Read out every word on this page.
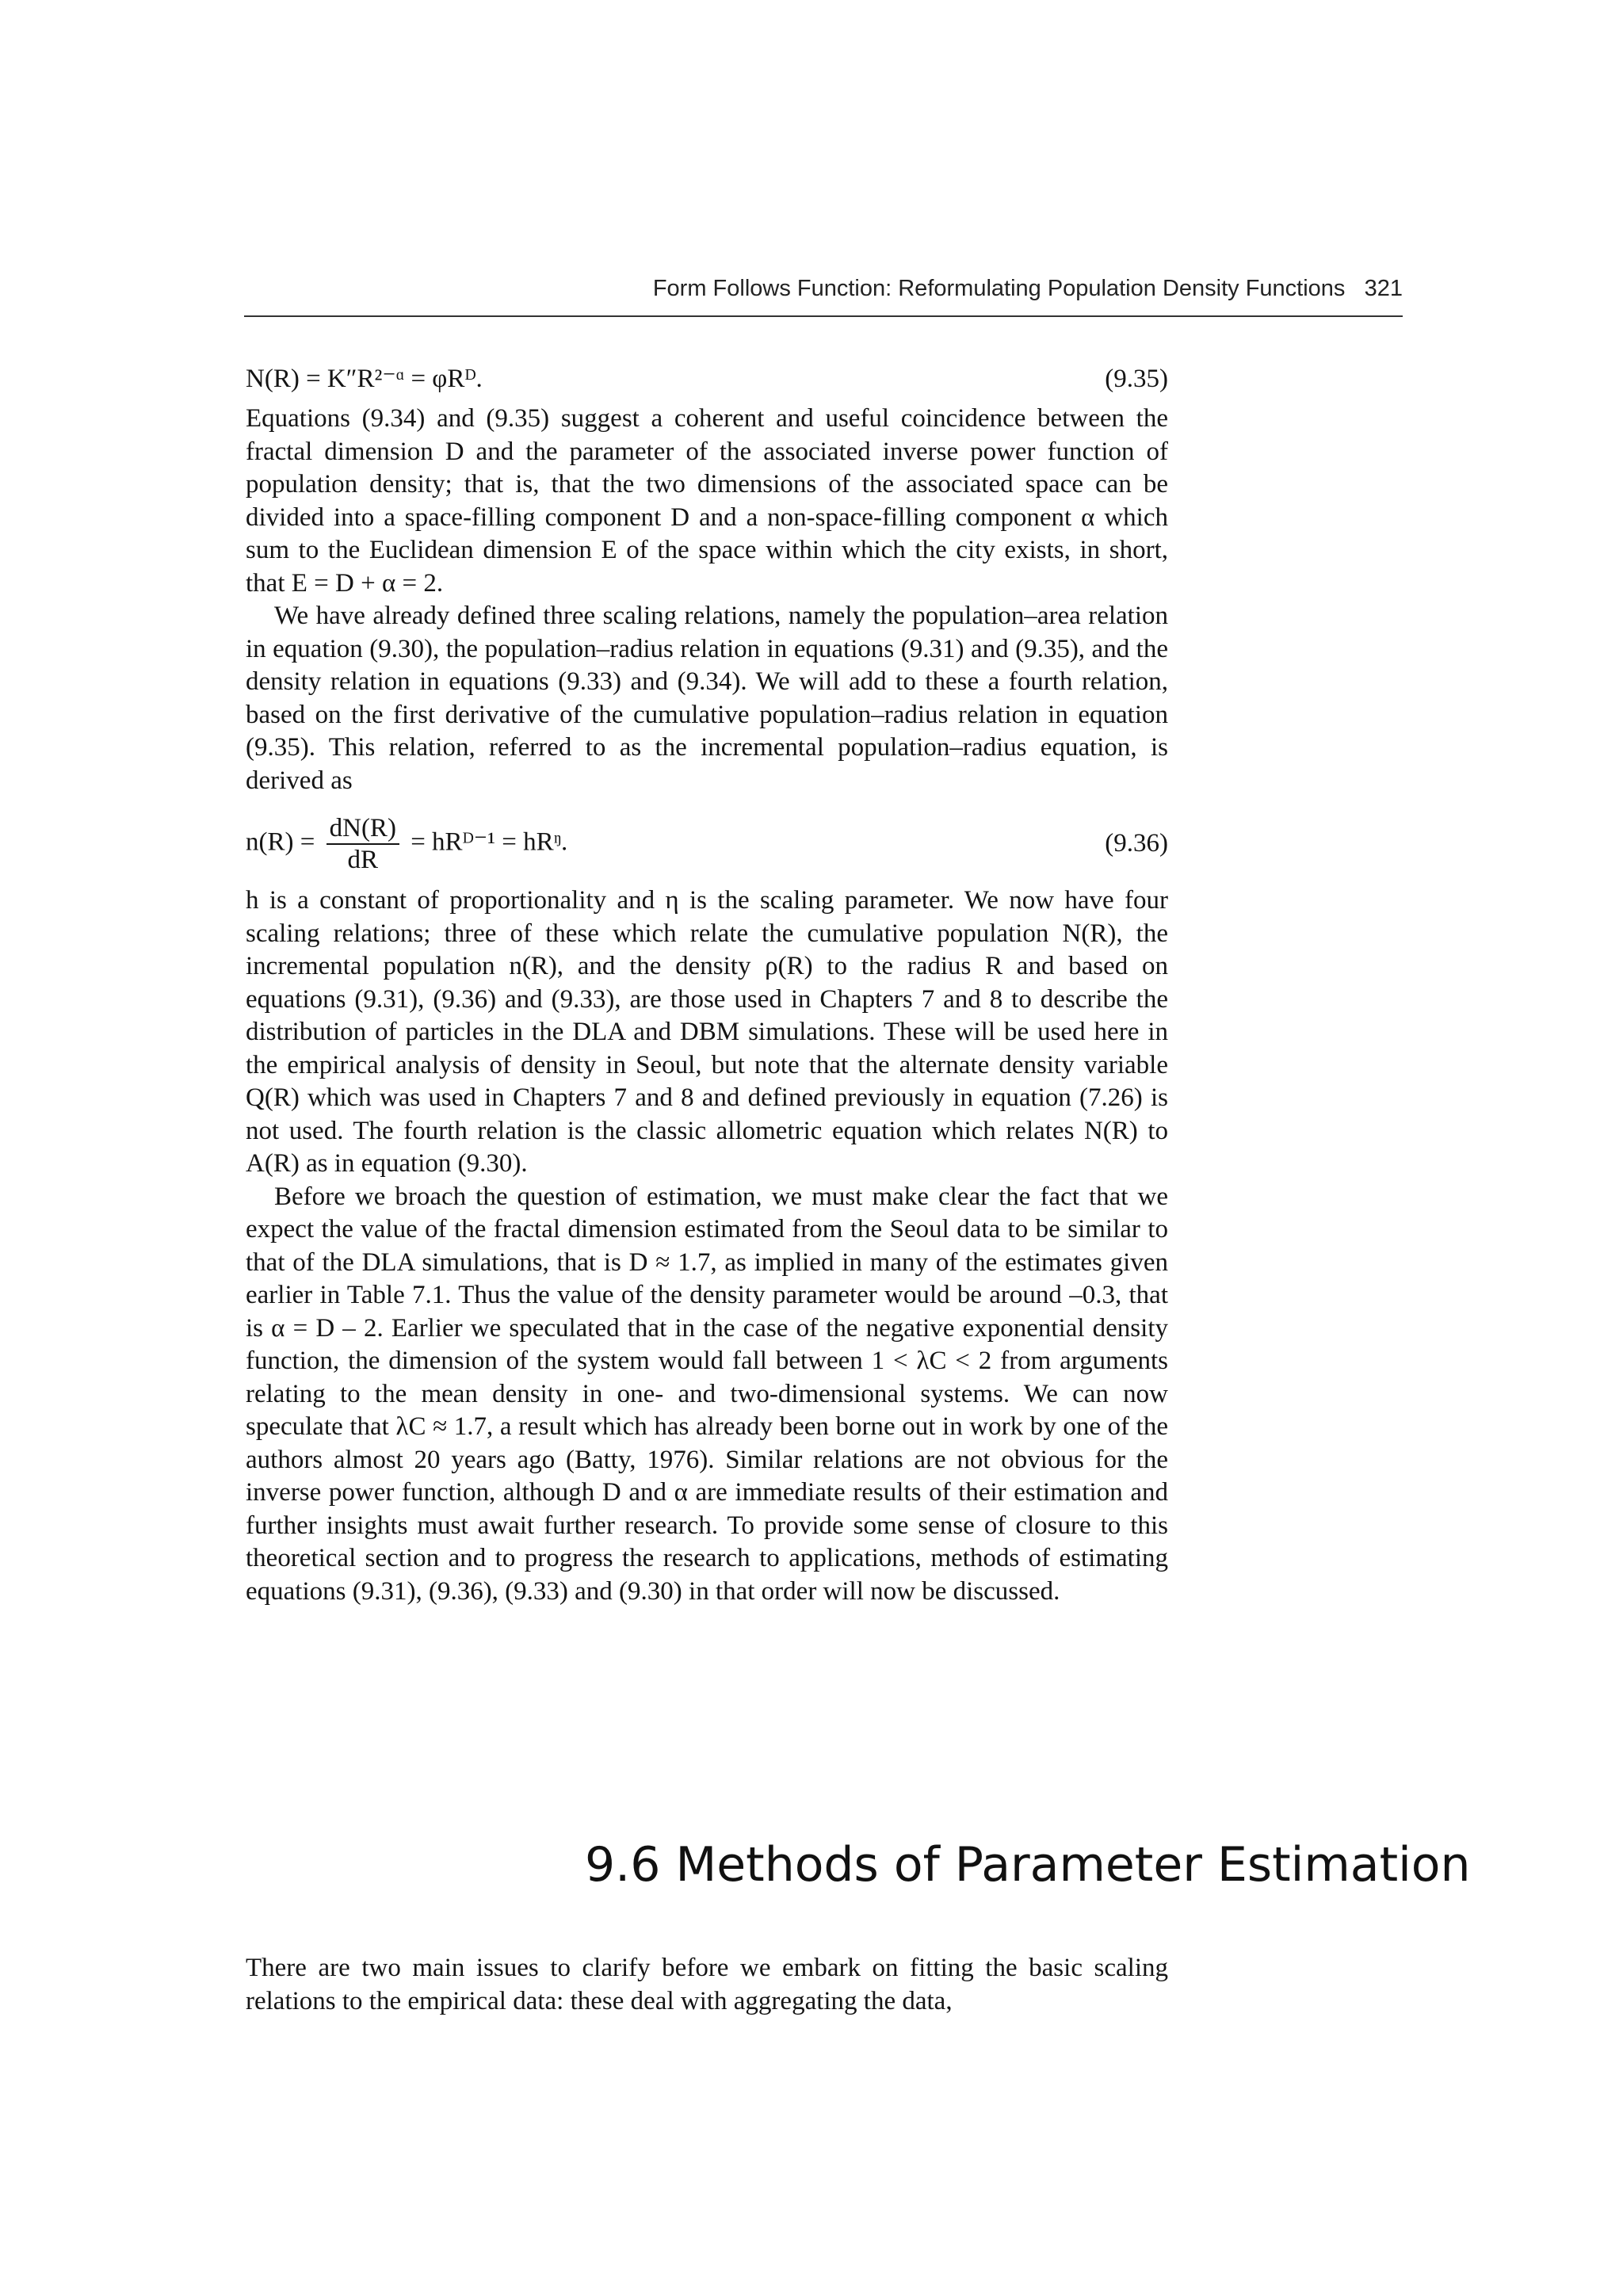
Form Follows Function: Reformulating Population Density Functions 321
N(R) = K″R²⁻ᵅ = φRᴰ.	(9.35)

Equations (9.34) and (9.35) suggest a coherent and useful coincidence between the fractal dimension D and the parameter of the associated inverse power function of population density; that is, that the two dimensions of the associated space can be divided into a space-filling component D and a non-space-filling component α which sum to the Euclidean dimension E of the space within which the city exists, in short, that E = D + α = 2.

We have already defined three scaling relations, namely the population–area relation in equation (9.30), the population–radius relation in equations (9.31) and (9.35), and the density relation in equations (9.33) and (9.34). We will add to these a fourth relation, based on the first derivative of the cumulative population–radius relation in equation (9.35). This relation, referred to as the incremental population–radius equation, is derived as

$n(R) = \frac{dN(R)}{dR}$ = hRᴰ⁻¹ = hRᵑ.	(9.36)

h is a constant of proportionality and η is the scaling parameter. We now have four scaling relations; three of these which relate the cumulative population N(R), the incremental population n(R), and the density ρ(R) to the radius R and based on equations (9.31), (9.36) and (9.33), are those used in Chapters 7 and 8 to describe the distribution of particles in the DLA and DBM simulations. These will be used here in the empirical analysis of density in Seoul, but note that the alternate density variable Q(R) which was used in Chapters 7 and 8 and defined previously in equation (7.26) is not used. The fourth relation is the classic allometric equation which relates N(R) to A(R) as in equation (9.30).

Before we broach the question of estimation, we must make clear the fact that we expect the value of the fractal dimension estimated from the Seoul data to be similar to that of the DLA simulations, that is D ≈ 1.7, as implied in many of the estimates given earlier in Table 7.1. Thus the value of the density parameter would be around –0.3, that is α = D – 2. Earlier we speculated that in the case of the negative exponential density function, the dimension of the system would fall between 1 < λC < 2 from arguments relating to the mean density in one- and two-dimensional systems. We can now speculate that λC ≈ 1.7, a result which has already been borne out in work by one of the authors almost 20 years ago (Batty, 1976). Similar relations are not obvious for the inverse power function, although D and α are immediate results of their estimation and further insights must await further research. To provide some sense of closure to this theoretical section and to progress the research to applications, methods of estimating equations (9.31), (9.36), (9.33) and (9.30) in that order will now be discussed.

9.6 Methods of Parameter Estimation

There are two main issues to clarify before we embark on fitting the basic scaling relations to the empirical data: these deal with aggregating the data,
